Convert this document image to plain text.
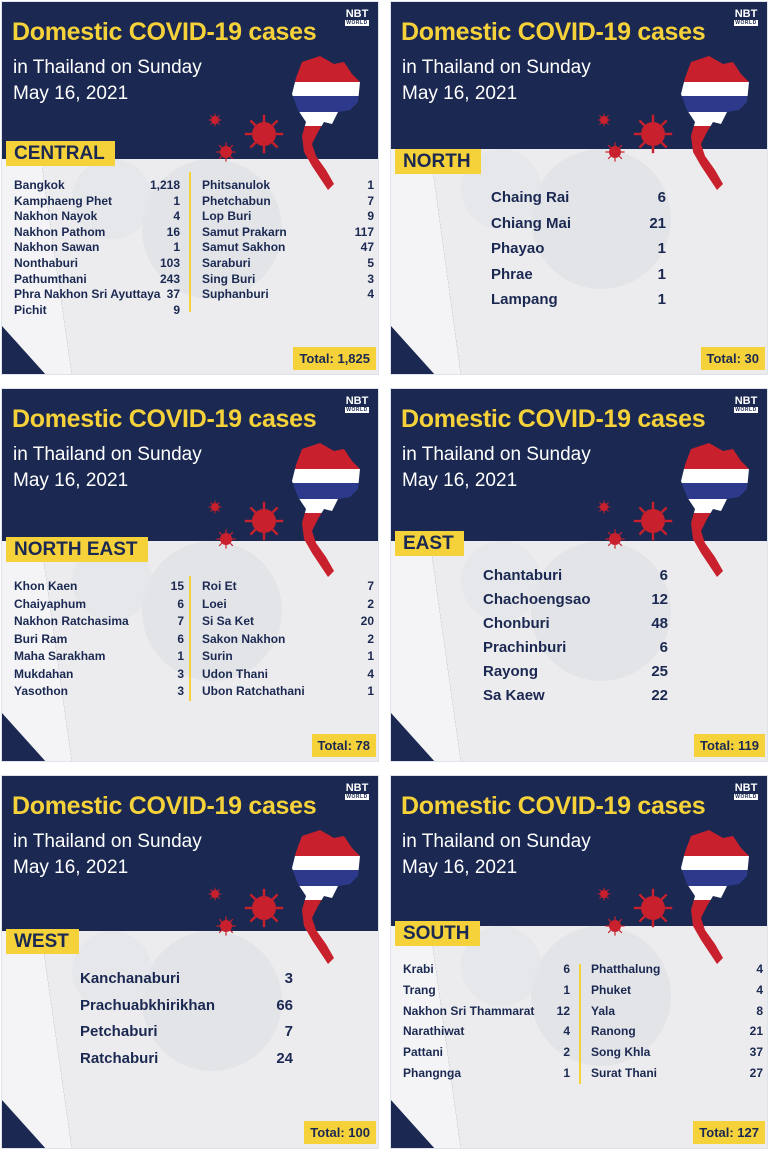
NBT
WORLD
Domestic COVID-19 cases
in Thailand on Sunday
May 16, 2021
CENTRAL
Bangkok	1,218
Kamphaeng Phet	1
Nakhon Nayok	4
Nakhon Pathom	16
Nakhon Sawan	1
Nonthaburi	103
Pathumthani	243
Phra Nakhon Sri Ayuttaya 37
Pichit	9
Phitsanulok	1
Phetchabun	7
Lop Buri	9
Samut Prakarn	117
Samut Sakhon	47
Saraburi	5
Sing Buri	3
Suphanburi	4
Total: 1,825
NBT
WORLD
Domestic COVID-19 cases
in Thailand on Sunday
May 16, 2021
NORTH
Chaing Rai	6
Chiang Mai	21
Phayao	1
Phrae	1
Lampang	1
Total: 30
NBT
WORLD
Domestic COVID-19 cases
in Thailand on Sunday
May 16, 2021
NORTH EAST
Khon Kaen	15
Chaiyaphum	6
Nakhon Ratchasima	7
Buri Ram	6
Maha Sarakham	1
Mukdahan	3
Yasothon	3
Roi Et	7
Loei	2
Si Sa Ket	20
Sakon Nakhon	2
Surin	1
Udon Thani	4
Ubon Ratchathani	1
Total: 78
NBT
WORLD
Domestic COVID-19 cases
in Thailand on Sunday
May 16, 2021
EAST
Chantaburi	6
Chachoengsao	12
Chonburi	48
Prachinburi	6
Rayong	25
Sa Kaew	22
Total: 119
NBT
WORLD
Domestic COVID-19 cases
in Thailand on Sunday
May 16, 2021
WEST
Kanchanaburi	3
Prachuabkhirikhan	66
Petchaburi	7
Ratchaburi	24
Total: 100
NBT
WORLD
Domestic COVID-19 cases
in Thailand on Sunday
May 16, 2021
SOUTH
Krabi	6
Trang	1
Nakhon Sri Thammarat 12
Narathiwat	4
Pattani	2
Phangnga	1
Phatthalung	4
Phuket	4
Yala	8
Ranong	21
Song Khla	37
Surat Thani	27
Total: 127
